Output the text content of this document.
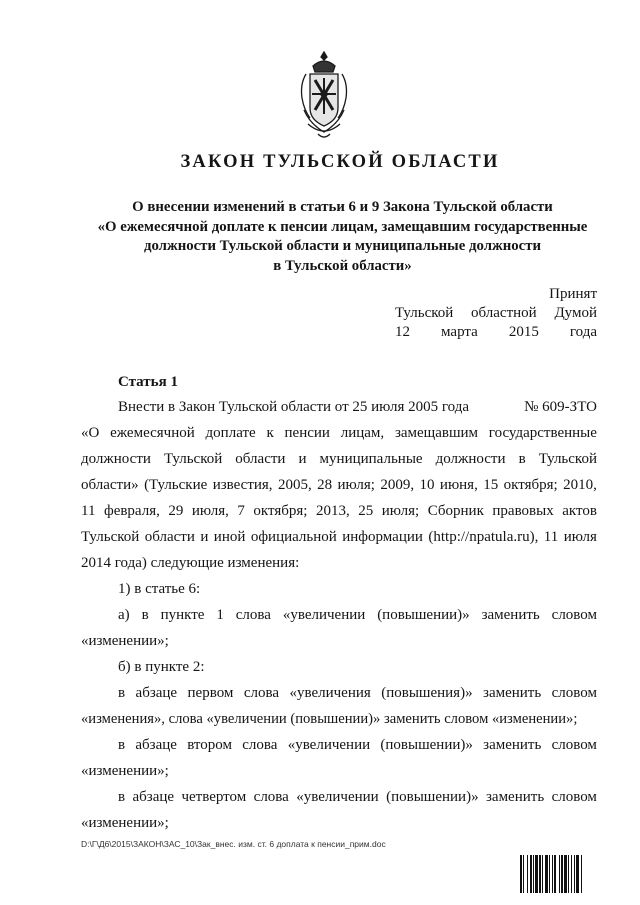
ЗАКОН ТУЛЬСКОЙ ОБЛАСТИ
О внесении изменений в статьи 6 и 9 Закона Тульской области
«О ежемесячной доплате к пенсии лицам, замещавшим государственные
должности Тульской области и муниципальные должности
в Тульской области»
Принят
Тульской областной Думой
12 марта 2015 года
Статья 1
Внести в Закон Тульской области от 25 июля 2005 года	№ 609-ЗТО
«О ежемесячной доплате к пенсии лицам, замещавшим государственные
должности Тульской области и муниципальные должности в Тульской
области» (Тульские известия, 2005, 28 июля; 2009, 10 июня, 15 октября; 2010,
11 февраля, 29 июля, 7 октября; 2013, 25 июля; Сборник правовых актов
Тульской области и иной официальной информации (http://npatula.ru), 11 июля
2014 года) следующие изменения:
1) в статье 6:
а) в пункте 1 слова «увеличении (повышении)» заменить словом
«изменении»;
б) в пункте 2:
в абзаце первом слова «увеличения (повышения)» заменить словом
«изменения», слова «увеличении (повышении)» заменить словом «изменении»;
в абзаце втором слова «увеличении (повышении)» заменить словом
«изменении»;
в абзаце четвертом слова «увеличении (повышении)» заменить словом
«изменении»;
D:\Г\Д6\2015\ЗАКОН\ЗАС_10\Зак_внес. изм. ст. 6 доплата к пенсии_прим.doc
